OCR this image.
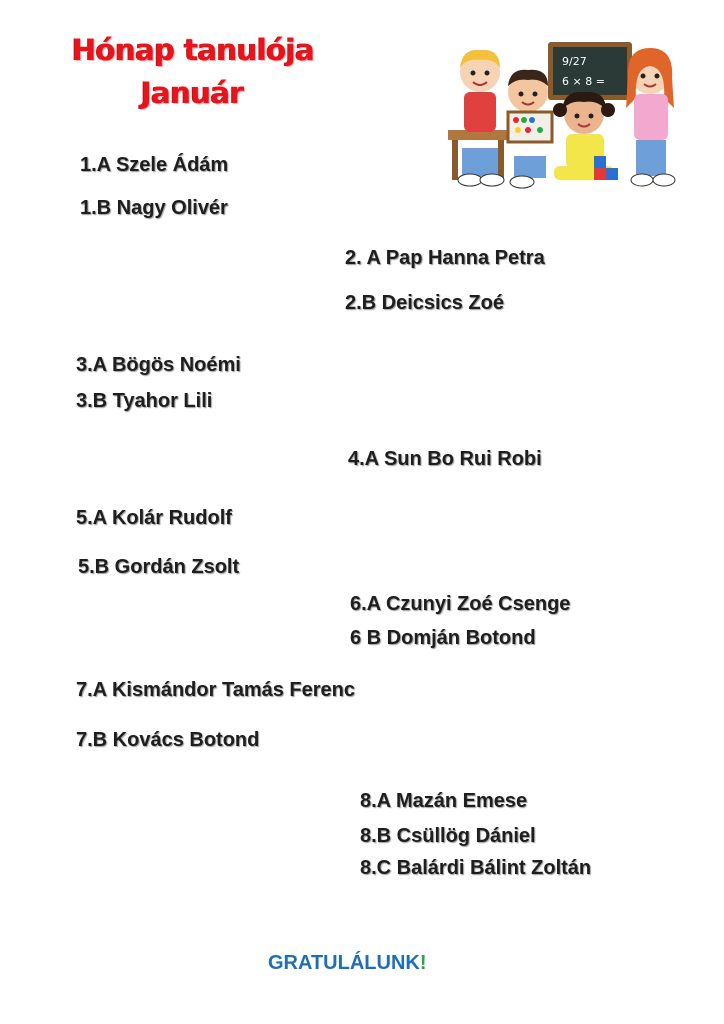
Hónap tanulója
Január
9/27
6 × 8 =
1.A Szele Ádám
1.B Nagy Olivér
2. A Pap Hanna Petra
2.B Deicsics Zoé
3.A Bögös Noémi
3.B Tyahor Lili
4.A Sun Bo Rui Robi
5.A Kolár Rudolf
5.B Gordán Zsolt
6.A Czunyi Zoé Csenge
6 B Domján Botond
7.A Kismándor Tamás Ferenc
7.B Kovács Botond
8.A Mazán Emese
8.B Csüllög Dániel
8.C Balárdi Bálint Zoltán
GRATULÁLUNK!
